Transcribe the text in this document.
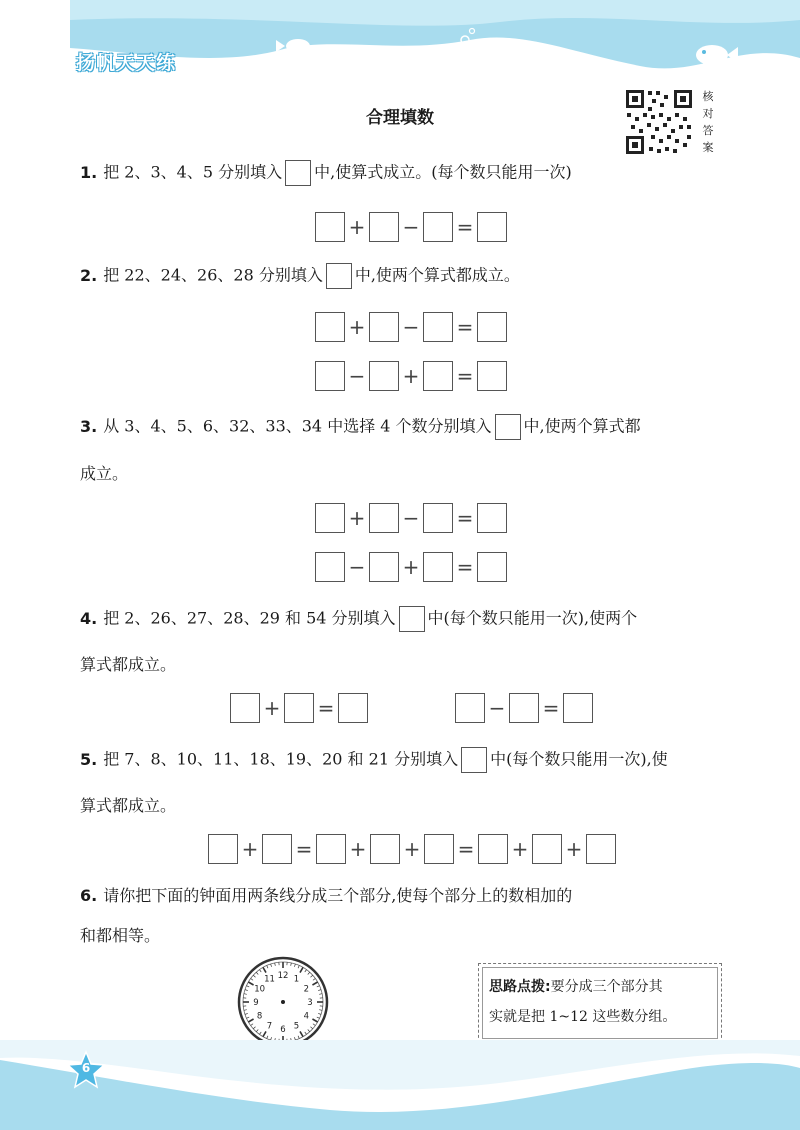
扬帆天天练
核对答案
合理填数
1. 把 2、3、4、5 分别填入 中,使算式成立。(每个数只能用一次)
+ − =
2. 把 22、24、26、28 分别填入 中,使两个算式都成立。
+ − =
− + =
3. 从 3、4、5、6、32、33、34 中选择 4 个数分别填入 中,使两个算式都
成立。
+ − =
− + =
4. 把 2、26、27、28、29 和 54 分别填入 中(每个数只能用一次),使两个
算式都成立。
+ =	− =
5. 把 7、8、10、11、18、19、20 和 21 分别填入 中(每个数只能用一次),使
算式都成立。
+ = + + = + +
6. 请你把下面的钟面用两条线分成三个部分,使每个部分上的数相加的
和都相等。
12 1
2
3
4
5
6
7
8
9
10
11	思路点拨:要分成三个部分其
实就是把 1~12 这些数分组。
6
